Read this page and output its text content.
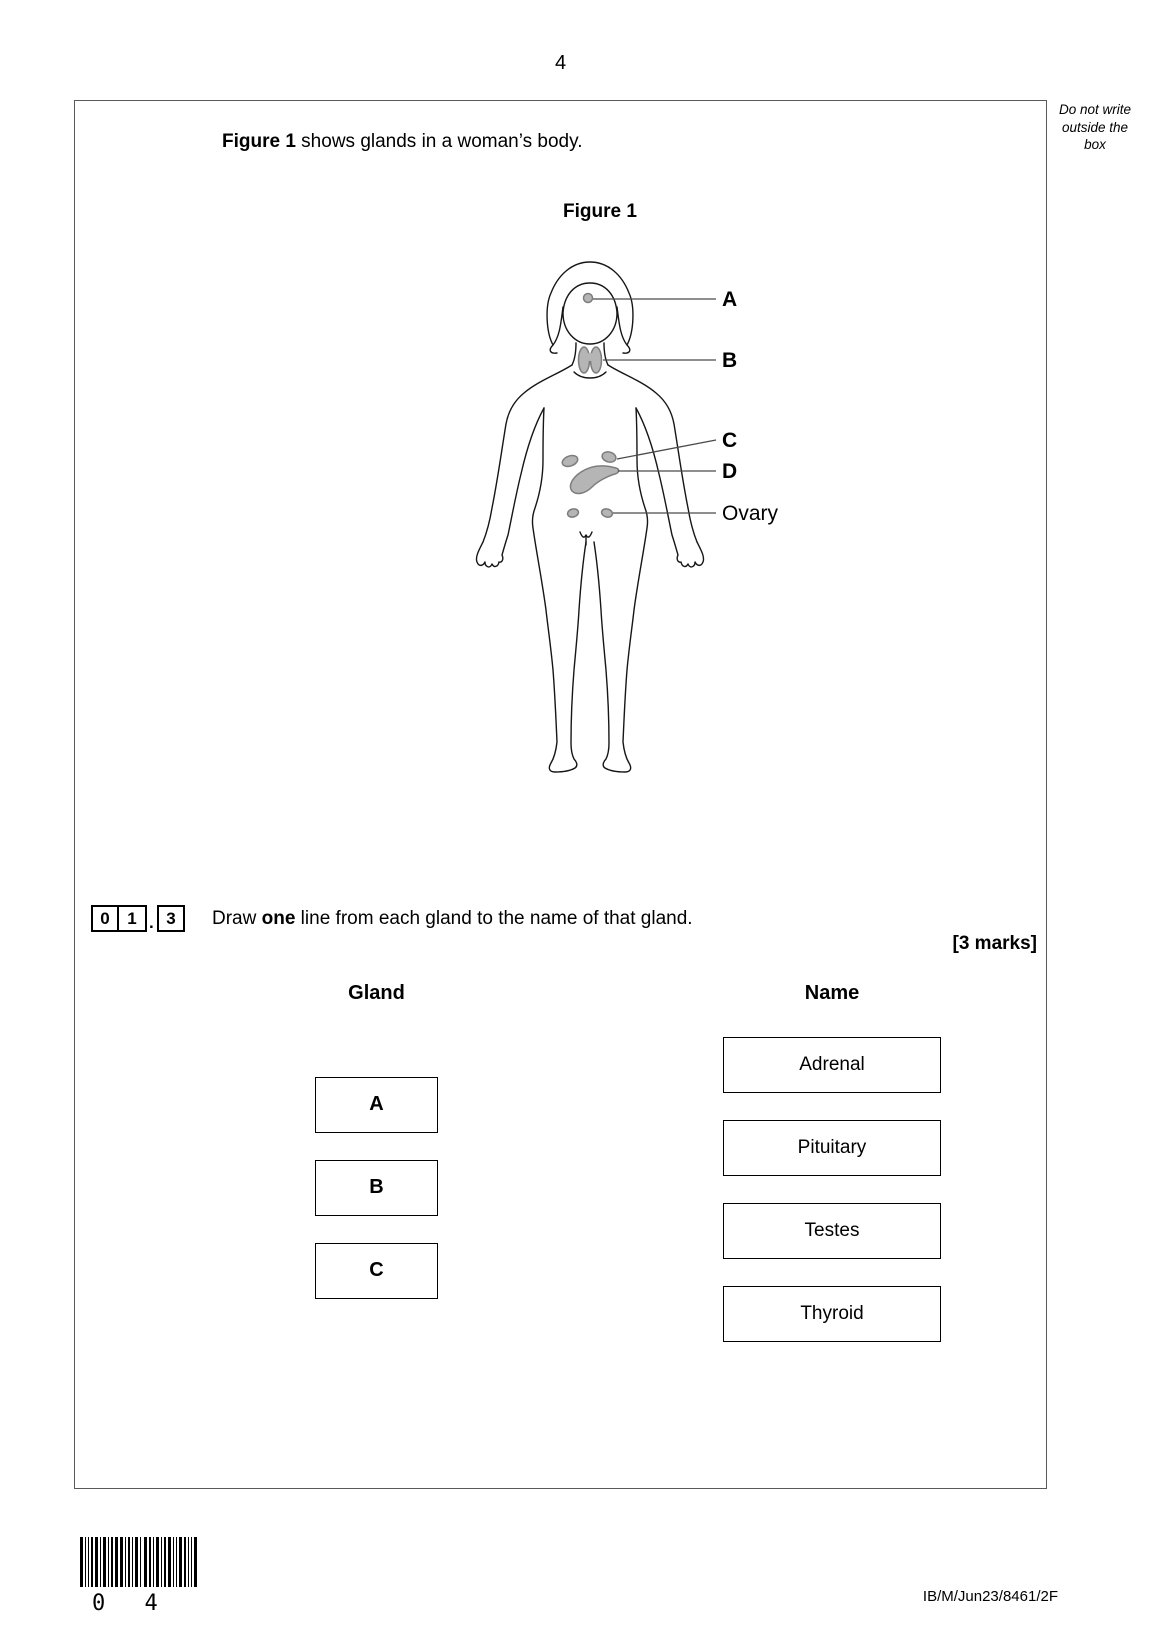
4
Do not write outside the box
Figure 1 shows glands in a woman’s body.
Figure 1
A
B
C
D
Ovary
0	1 . 3	Draw one line from each gland to the name of that gland.
[3 marks]
Gland	Name
A
B
C
Adrenal
Pituitary
Testes
Thyroid
0 4	IB/M/Jun23/8461/2F
